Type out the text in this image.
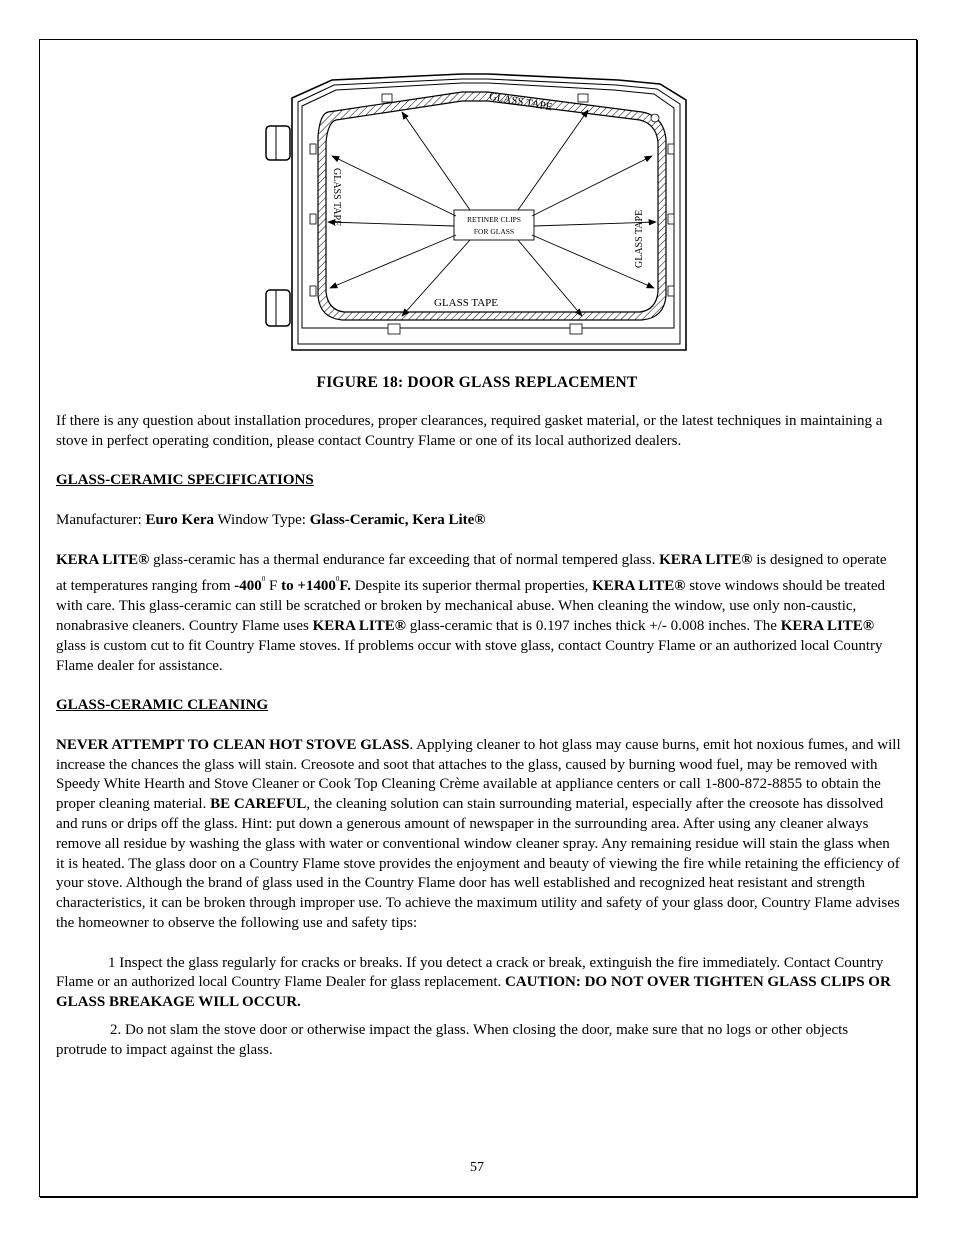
RETINER CLIPS
FOR GLASS
GLASS TAPE
GLASS TAPE
GLASS TAPE
GLASS TAPE
FIGURE 18: DOOR GLASS REPLACEMENT

If there is any question about installation procedures, proper clearances, required gasket material, or the latest techniques in maintaining a stove in perfect operating condition, please contact Country Flame or one of its local authorized dealers.

GLASS-CERAMIC SPECIFICATIONS

Manufacturer: Euro Kera Window Type: Glass-Ceramic, Kera Lite®

KERA LITE® glass-ceramic has a thermal endurance far exceeding that of normal tempered glass. KERA LITE® is designed to operate at temperatures ranging from $-400^0$ F to $+1400^0F$. Despite its superior thermal properties, KERA LITE® stove windows should be treated with care. This glass-ceramic can still be scratched or broken by mechanical abuse. When cleaning the window, use only non-caustic, nonabrasive cleaners. Country Flame uses KERA LITE® glass-ceramic that is 0.197 inches thick +/- 0.008 inches. The KERA LITE® glass is custom cut to fit Country Flame stoves. If problems occur with stove glass, contact Country Flame or an authorized local Country Flame dealer for assistance.

GLASS-CERAMIC CLEANING

NEVER ATTEMPT TO CLEAN HOT STOVE GLASS. Applying cleaner to hot glass may cause burns, emit hot noxious fumes, and will increase the chances the glass will stain. Creosote and soot that attaches to the glass, caused by burning wood fuel, may be removed with Speedy White Hearth and Stove Cleaner or Cook Top Cleaning Crème available at appliance centers or call 1-800-872-8855 to obtain the proper cleaning material. BE CAREFUL, the cleaning solution can stain surrounding material, especially after the creosote has dissolved and runs or drips off the glass. Hint: put down a generous amount of newspaper in the surrounding area. After using any cleaner always remove all residue by washing the glass with water or conventional window cleaner spray. Any remaining residue will stain the glass when it is heated. The glass door on a Country Flame stove provides the enjoyment and beauty of viewing the fire while retaining the efficiency of your stove. Although the brand of glass used in the Country Flame door has well established and recognized heat resistant and strength characteristics, it can be broken through improper use. To achieve the maximum utility and safety of your glass door, Country Flame advises the homeowner to observe the following use and safety tips:

1 Inspect the glass regularly for cracks or breaks. If you detect a crack or break, extinguish the fire immediately. Contact Country Flame or an authorized local Country Flame Dealer for glass replacement. CAUTION: DO NOT OVER TIGHTEN GLASS CLIPS OR GLASS BREAKAGE WILL OCCUR.

2. Do not slam the stove door or otherwise impact the glass. When closing the door, make sure that no logs or other objects protrude to impact against the glass.

57
